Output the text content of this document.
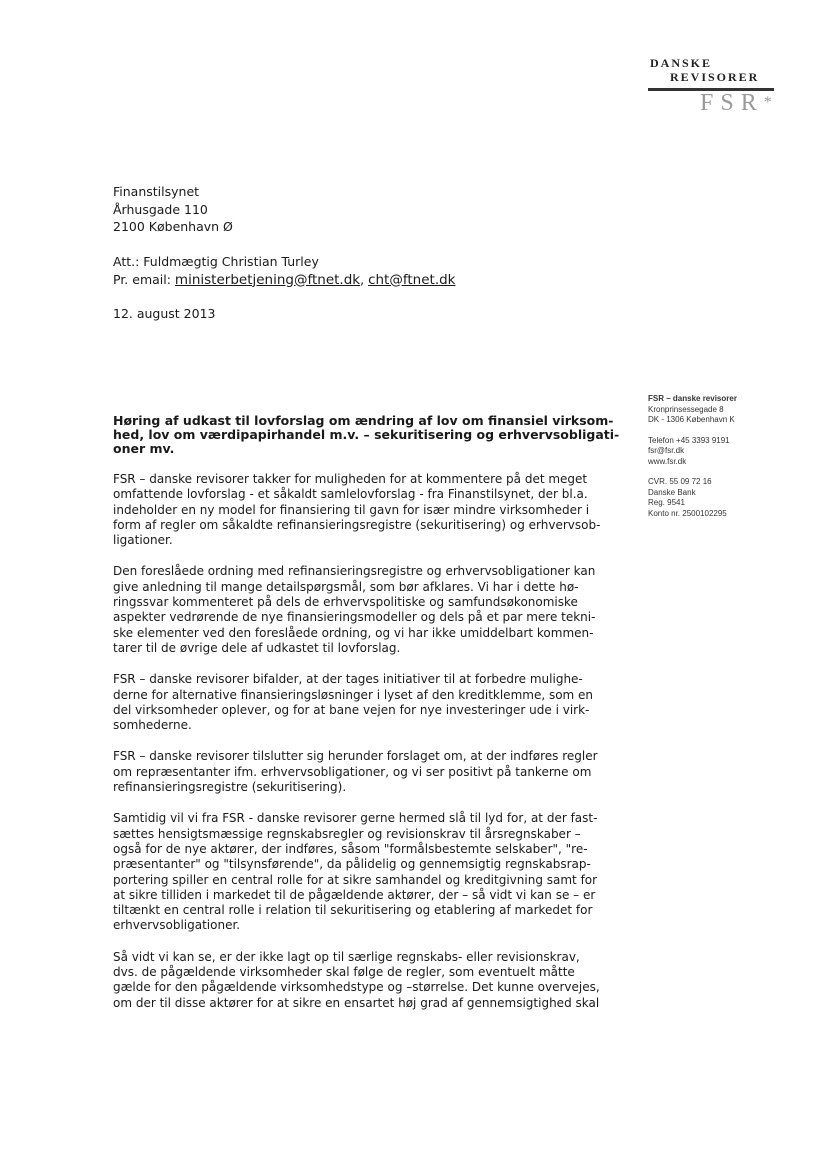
DANSKE
REVISORER
FSR*
Finanstilsynet
Århusgade 110
2100 København Ø
Att.: Fuldmægtig Christian Turley
Pr. email: ministerbetjening@ftnet.dk, cht@ftnet.dk
12. august 2013
FSR – danske revisorer
Kronprinsessegade 8
DK - 1306 København K
Telefon +45 3393 9191
fsr@fsr.dk
www.fsr.dk
CVR. 55 09 72 16
Danske Bank
Reg. 9541
Konto nr. 2500102295
Høring af udkast til lovforslag om ændring af lov om finansiel virksom-
hed, lov om værdipapirhandel m.v. – sekuritisering og erhvervsobligati-
oner mv.

FSR – danske revisorer takker for muligheden for at kommentere på det meget
omfattende lovforslag - et såkaldt samlelovforslag - fra Finanstilsynet, der bl.a.
indeholder en ny model for finansiering til gavn for især mindre virksomheder i
form af regler om såkaldte refinansieringsregistre (sekuritisering) og erhvervsob-
ligationer.

Den foreslåede ordning med refinansieringsregistre og erhvervsobligationer kan
give anledning til mange detailspørgsmål, som bør afklares. Vi har i dette hø-
ringssvar kommenteret på dels de erhvervspolitiske og samfundsøkonomiske
aspekter vedrørende de nye finansieringsmodeller og dels på et par mere tekni-
ske elementer ved den foreslåede ordning, og vi har ikke umiddelbart kommen-
tarer til de øvrige dele af udkastet til lovforslag.

FSR – danske revisorer bifalder, at der tages initiativer til at forbedre mulighe-
derne for alternative finansieringsløsninger i lyset af den kreditklemme, som en
del virksomheder oplever, og for at bane vejen for nye investeringer ude i virk-
somhederne.

FSR – danske revisorer tilslutter sig herunder forslaget om, at der indføres regler
om repræsentanter ifm. erhvervsobligationer, og vi ser positivt på tankerne om
refinansieringsregistre (sekuritisering).

Samtidig vil vi fra FSR - danske revisorer gerne hermed slå til lyd for, at der fast-
sættes hensigtsmæssige regnskabsregler og revisionskrav til årsregnskaber –
også for de nye aktører, der indføres, såsom "formålsbestemte selskaber", "re-
præsentanter" og "tilsynsførende", da pålidelig og gennemsigtig regnskabsrap-
portering spiller en central rolle for at sikre samhandel og kreditgivning samt for
at sikre tilliden i markedet til de pågældende aktører, der – så vidt vi kan se – er
tiltænkt en central rolle i relation til sekuritisering og etablering af markedet for
erhvervsobligationer.

Så vidt vi kan se, er der ikke lagt op til særlige regnskabs- eller revisionskrav,
dvs. de pågældende virksomheder skal følge de regler, som eventuelt måtte
gælde for den pågældende virksomhedstype og –størrelse. Det kunne overvejes,
om der til disse aktører for at sikre en ensartet høj grad af gennemsigtighed skal
